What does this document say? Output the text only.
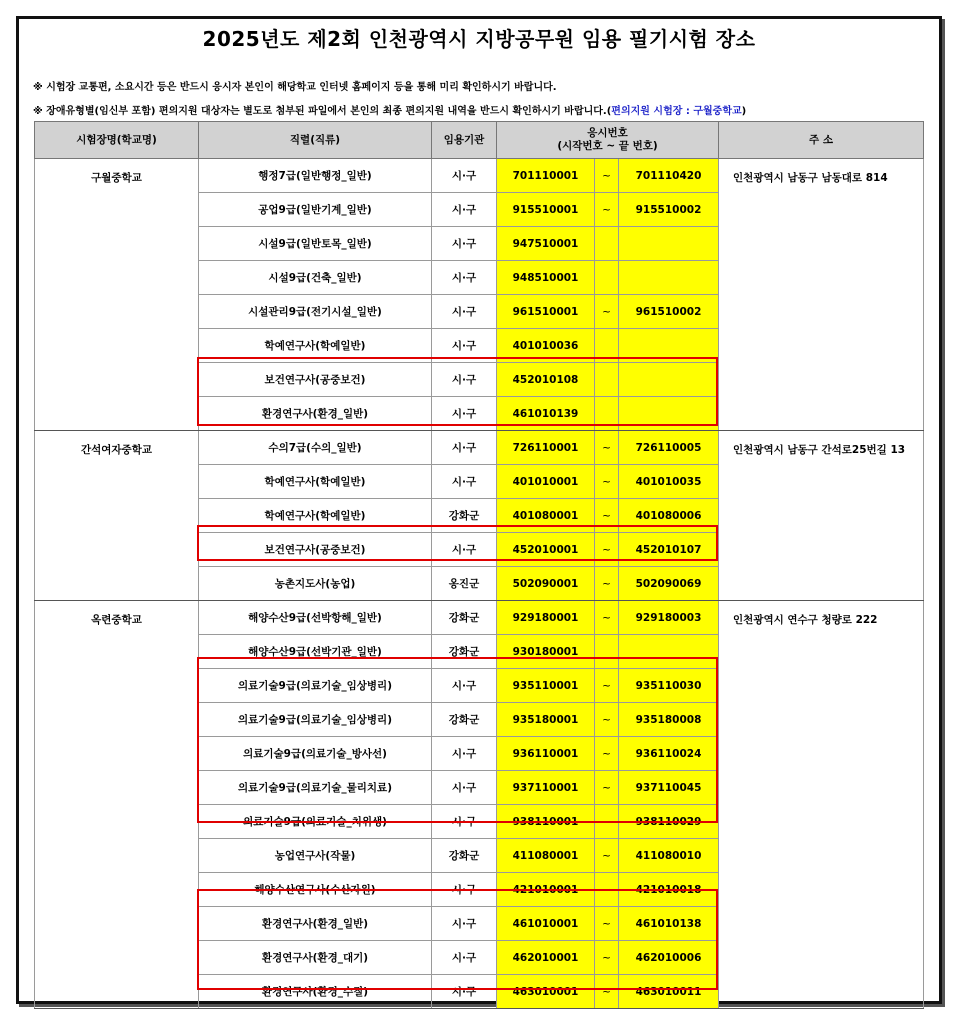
2025년도 제2회 인천광역시 지방공무원 임용 필기시험 장소
※ 시험장 교통편, 소요시간 등은 반드시 응시자 본인이 해당학교 인터넷 홈페이지 등을 통해 미리 확인하시기 바랍니다.
※ 장애유형별(임신부 포함) 편의지원 대상자는 별도로 첨부된 파일에서 본인의 최종 편의지원 내역을 반드시 확인하시기 바랍니다.(편의지원 시험장 : 구월중학교)
시험장명(학교명)	직렬(직류)	임용기관	응시번호
(시작번호 ~ 끝 번호)			주 소
구월중학교	행정7급(일반행정_일반)	시·구	701110001	~	701110420	인천광역시 남동구 남동대로 814
	공업9급(일반기계_일반)	시·구	915510001	~	915510002	
	시설9급(일반토목_일반)	시·구	947510001			
	시설9급(건축_일반)	시·구	948510001			
	시설관리9급(전기시설_일반)	시·구	961510001	~	961510002	
	학예연구사(학예일반)	시·구	401010036			
	보건연구사(공중보건)	시·구	452010108			
	환경연구사(환경_일반)	시·구	461010139			
간석여자중학교	수의7급(수의_일반)	시·구	726110001	~	726110005	인천광역시 남동구 간석로25번길 13
	학예연구사(학예일반)	시·구	401010001	~	401010035	
	학예연구사(학예일반)	강화군	401080001	~	401080006	
	보건연구사(공중보건)	시·구	452010001	~	452010107	
	농촌지도사(농업)	옹진군	502090001	~	502090069	
옥련중학교	해양수산9급(선박항해_일반)	강화군	929180001	~	929180003	인천광역시 연수구 청량로 222
	해양수산9급(선박기관_일반)	강화군	930180001			
	의료기술9급(의료기술_임상병리)	시·구	935110001	~	935110030	
	의료기술9급(의료기술_임상병리)	강화군	935180001	~	935180008	
	의료기술9급(의료기술_방사선)	시·구	936110001	~	936110024	
	의료기술9급(의료기술_물리치료)	시·구	937110001	~	937110045	
	의료기술9급(의료기술_치위생)	시·구	938110001	~	938110029	
	농업연구사(작물)	강화군	411080001	~	411080010	
	해양수산연구사(수산자원)	시·구	421010001	~	421010018	
	환경연구사(환경_일반)	시·구	461010001	~	461010138	
	환경연구사(환경_대기)	시·구	462010001	~	462010006	
	환경연구사(환경_수질)	시·구	463010001	~	463010011	
